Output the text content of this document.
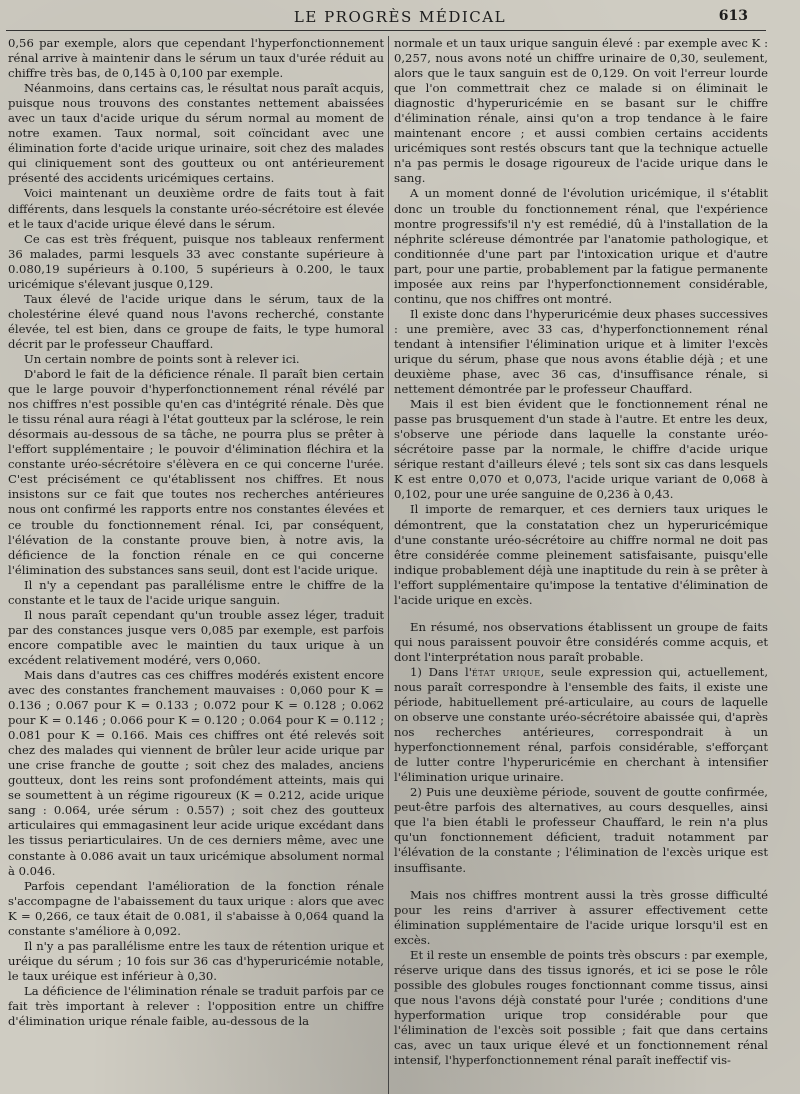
LE PROGRÈS MÉDICAL	613

0,56 par exemple, alors que cependant l'hyperfonctionnement rénal arrive à maintenir dans le sérum un taux d'urée réduit au chiffre très bas, de 0,145 à 0,100 par exemple.

Néanmoins, dans certains cas, le résultat nous paraît acquis, puisque nous trouvons des constantes nettement abaissées avec un taux d'acide urique du sérum normal au moment de notre examen. Taux normal, soit coïncidant avec une élimination forte d'acide urique urinaire, soit chez des malades qui cliniquement sont des goutteux ou ont antérieurement présenté des accidents uricémiques certains.

Voici maintenant un deuxième ordre de faits tout à fait différents, dans lesquels la constante uréo-sécrétoire est élevée et le taux d'acide urique élevé dans le sérum.

Ce cas est très fréquent, puisque nos tableaux renferment 36 malades, parmi lesquels 33 avec constante supérieure à 0.080,19 supérieurs à 0.100, 5 supérieurs à 0.200, le taux uricémique s'élevant jusque 0,129.

Taux élevé de l'acide urique dans le sérum, taux de la cholestérine élevé quand nous l'avons recherché, constante élevée, tel est bien, dans ce groupe de faits, le type humoral décrit par le professeur Chauffard.

Un certain nombre de points sont à relever ici.

D'abord le fait de la déficience rénale. Il paraît bien certain que le large pouvoir d'hyperfonctionnement rénal révélé par nos chiffres n'est possible qu'en cas d'intégrité rénale. Dès que le tissu rénal aura réagi à l'état goutteux par la sclérose, le rein désormais au-dessous de sa tâche, ne pourra plus se prêter à l'effort supplémentaire ; le pouvoir d'élimination fléchira et la constante uréo-sécrétoire s'élèvera en ce qui concerne l'urée. C'est précisément ce qu'établissent nos chiffres. Et nous insistons sur ce fait que toutes nos recherches antérieures nous ont confirmé les rapports entre nos constantes élevées et ce trouble du fonctionnement rénal. Ici, par conséquent, l'élévation de la constante prouve bien, à notre avis, la déficience de la fonction rénale en ce qui concerne l'élimination des substances sans seuil, dont est l'acide urique.

Il n'y a cependant pas parallélisme entre le chiffre de la constante et le taux de l'acide urique sanguin.

Il nous paraît cependant qu'un trouble assez léger, traduit par des constances jusque vers 0,085 par exemple, est parfois encore compatible avec le maintien du taux urique à un excédent relativement modéré, vers 0,060.

Mais dans d'autres cas ces chiffres modérés existent encore avec des constantes franchement mauvaises : 0,060 pour K = 0.136 ; 0.067 pour K = 0.133 ; 0.072 pour K = 0.128 ; 0.062 pour K = 0.146 ; 0.066 pour K = 0.120 ; 0.064 pour K = 0.112 ; 0.081 pour K = 0.166. Mais ces chiffres ont été relevés soit chez des malades qui viennent de brûler leur acide urique par une crise franche de goutte ; soit chez des malades, anciens goutteux, dont les reins sont profondément atteints, mais qui se soumettent à un régime rigoureux (K = 0.212, acide urique sang : 0.064, urée sérum : 0.557) ; soit chez des goutteux articulaires qui emmagasinent leur acide urique excédant dans les tissus periarticulaires. Un de ces derniers même, avec une constante à 0.086 avait un taux uricémique absolument normal à 0.046.

Parfois cependant l'amélioration de la fonction rénale s'accompagne de l'abaissement du taux urique : alors que avec K = 0,266, ce taux était de 0.081, il s'abaisse à 0,064 quand la constante s'améliore à 0,092.

Il n'y a pas parallélisme entre les taux de rétention urique et uréique du sérum ; 10 fois sur 36 cas d'hyperuricémie notable, le taux uréique est inférieur à 0,30.

La déficience de l'élimination rénale se traduit parfois par ce fait très important à relever : l'opposition entre un chiffre d'élimination urique rénale faible, au-dessous de la

normale et un taux urique sanguin élevé : par exemple avec K : 0,257, nous avons noté un chiffre urinaire de 0,30, seulement, alors que le taux sanguin est de 0,129. On voit l'erreur lourde que l'on commettrait chez ce malade si on éliminait le diagnostic d'hyperuricémie en se basant sur le chiffre d'élimination rénale, ainsi qu'on a trop tendance à le faire maintenant encore ; et aussi combien certains accidents uricémiques sont restés obscurs tant que la technique actuelle n'a pas permis le dosage rigoureux de l'acide urique dans le sang.

A un moment donné de l'évolution uricémique, il s'établit donc un trouble du fonctionnement rénal, que l'expérience montre progressifs'il n'y est remédié, dû à l'installation de la néphrite scléreuse démontrée par l'anatomie pathologique, et conditionnée d'une part par l'intoxication urique et d'autre part, pour une partie, probablement par la fatigue permanente imposée aux reins par l'hyperfonctionnement considérable, continu, que nos chiffres ont montré.

Il existe donc dans l'hyperuricémie deux phases successives : une première, avec 33 cas, d'hyperfonctionnement rénal tendant à intensifier l'élimination urique et à limiter l'excès urique du sérum, phase que nous avons établie déjà ; et une deuxième phase, avec 36 cas, d'insuffisance rénale, si nettement démontrée par le professeur Chauffard.

Mais il est bien évident que le fonctionnement rénal ne passe pas brusquement d'un stade à l'autre. Et entre les deux, s'observe une période dans laquelle la constante uréo-sécrétoire passe par la normale, le chiffre d'acide urique sérique restant d'ailleurs élevé ; tels sont six cas dans lesquels K est entre 0,070 et 0,073, l'acide urique variant de 0,068 à 0,102, pour une urée sanguine de 0,236 à 0,43.

Il importe de remarquer, et ces derniers taux uriques le démontrent, que la constatation chez un hyperuricémique d'une constante uréo-sécrétoire au chiffre normal ne doit pas être considérée comme pleinement satisfaisante, puisqu'elle indique probablement déjà une inaptitude du rein à se prêter à l'effort supplémentaire qu'impose la tentative d'élimination de l'acide urique en excès.

En résumé, nos observations établissent un groupe de faits qui nous paraissent pouvoir être considérés comme acquis, et dont l'interprétation nous paraît probable.

1) Dans l'état urique, seule expression qui, actuellement, nous paraît correspondre à l'ensemble des faits, il existe une période, habituellement pré-articulaire, au cours de laquelle on observe une constante uréo-sécrétoire abaissée qui, d'après nos recherches antérieures, correspondrait à un hyperfonctionnement rénal, parfois considérable, s'efforçant de lutter contre l'hyperuricémie en cherchant à intensifier l'élimination urique urinaire.

2) Puis une deuxième période, souvent de goutte confirmée, peut-être parfois des alternatives, au cours desquelles, ainsi que l'a bien établi le professeur Chauffard, le rein n'a plus qu'un fonctionnement déficient, traduit notamment par l'élévation de la constante ; l'élimination de l'excès urique est insuffisante.

Mais nos chiffres montrent aussi la très grosse difficulté pour les reins d'arriver à assurer effectivement cette élimination supplémentaire de l'acide urique lorsqu'il est en excès.

Et il reste un ensemble de points très obscurs : par exemple, réserve urique dans des tissus ignorés, et ici se pose le rôle possible des globules rouges fonctionnant comme tissus, ainsi que nous l'avons déjà constaté pour l'urée ; conditions d'une hyperformation urique trop considérable pour que l'élimination de l'excès soit possible ; fait que dans certains cas, avec un taux urique élevé et un fonctionnement rénal intensif, l'hyperfonctionnement rénal paraît ineffectif vis-
